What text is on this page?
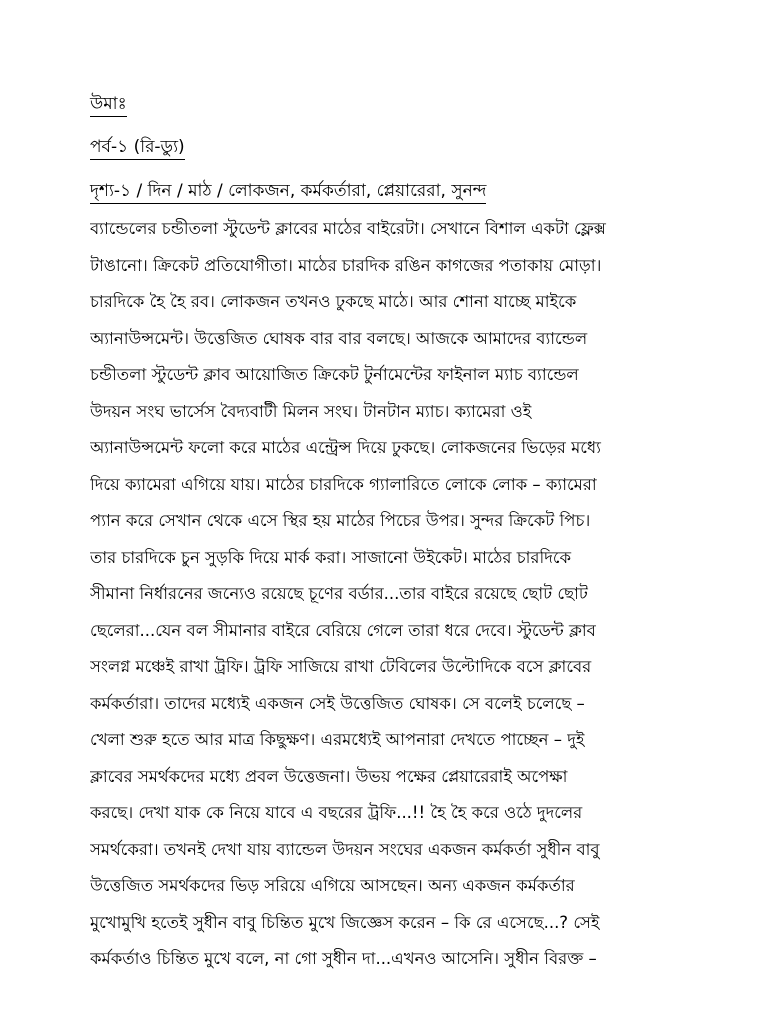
উমাঃ
পর্ব-১ (রি-ড্যু)
দৃশ্য-১ / দিন / মাঠ / লোকজন, কর্মকর্তারা, প্লেয়ারেরা, সুনন্দ
ব্যান্ডেলের চন্ডীতলা স্টুডেন্ট ক্লাবের মাঠের বাইরেটা। সেখানে বিশাল একটা ফ্লেক্স
টাঙানো। ক্রিকেট প্রতিযোগীতা। মাঠের চারদিক রঙিন কাগজের পতাকায় মোড়া।
চারদিকে হৈ হৈ রব। লোকজন তখনও ঢুকছে মাঠে। আর শোনা যাচ্ছে মাইকে
অ্যানাউন্সমেন্ট। উত্তেজিত ঘোষক বার বার বলছে। আজকে আমাদের ব্যান্ডেল
চন্ডীতলা স্টুডেন্ট ক্লাব আয়োজিত ক্রিকেট টুর্নামেন্টের ফাইনাল ম্যাচ ব্যান্ডেল
উদয়ন সংঘ ভার্সেস বৈদ্যবাটী মিলন সংঘ। টানটান ম্যাচ। ক্যামেরা ওই
অ্যানাউন্সমেন্ট ফলো করে মাঠের এন্ট্রেন্স দিয়ে ঢুকছে। লোকজনের ভিড়ের মধ্যে
দিয়ে ক্যামেরা এগিয়ে যায়। মাঠের চারদিকে গ্যালারিতে লোকে লোক – ক্যামেরা
প্যান করে সেখান থেকে এসে স্থির হয় মাঠের পিচের উপর। সুন্দর ক্রিকেট পিচ।
তার চারদিকে চুন সুড়কি দিয়ে মার্ক করা। সাজানো উইকেট। মাঠের চারদিকে
সীমানা নির্ধারনের জন্যেও রয়েছে চূণের বর্ডার...তার বাইরে রয়েছে ছোট ছোট
ছেলেরা...যেন বল সীমানার বাইরে বেরিয়ে গেলে তারা ধরে দেবে। স্টুডেন্ট ক্লাব
সংলগ্ন মঞ্চেই রাখা ট্রফি। ট্রফি সাজিয়ে রাখা টেবিলের উল্টোদিকে বসে ক্লাবের
কর্মকর্তারা। তাদের মধ্যেই একজন সেই উত্তেজিত ঘোষক। সে বলেই চলেছে –
খেলা শুরু হতে আর মাত্র কিছুক্ষণ। এরমধ্যেই আপনারা দেখতে পাচ্ছেন – দুই
ক্লাবের সমর্থকদের মধ্যে প্রবল উত্তেজনা। উভয় পক্ষের প্লেয়ারেরাই অপেক্ষা
করছে। দেখা যাক কে নিয়ে যাবে এ বছরের ট্রফি...!! হৈ হৈ করে ওঠে দুদলের
সমর্থকেরা। তখনই দেখা যায় ব্যান্ডেল উদয়ন সংঘের একজন কর্মকর্তা সুধীন বাবু
উত্তেজিত সমর্থকদের ভিড় সরিয়ে এগিয়ে আসছেন। অন্য একজন কর্মকর্তার
মুখোমুখি হতেই সুধীন বাবু চিন্তিত মুখে জিজ্ঞেস করেন – কি রে এসেছে...? সেই
কর্মকর্তাও চিন্তিত মুখে বলে, না গো সুধীন দা...এখনও আসেনি। সুধীন বিরক্ত –
